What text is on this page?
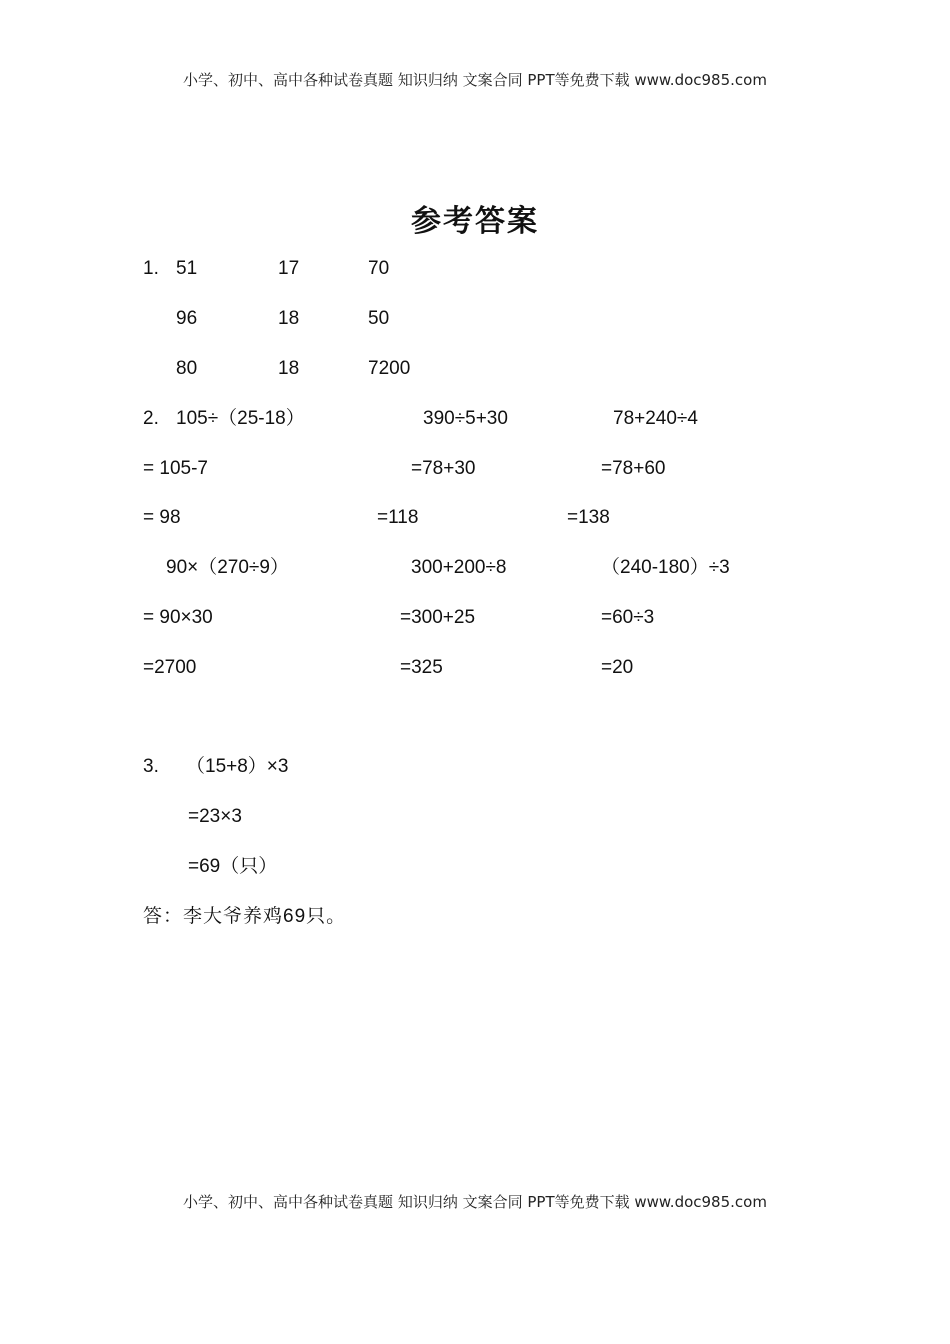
小学、初中、高中各种试卷真题 知识归纳 文案合同 PPT等免费下载 www.doc985.com
参考答案
1. 51	17	70
96	18	50
80	18	7200
2. 105÷（25-18）	390÷5+30	78+240÷4
= 105-7	=78+30	=78+60
= 98	=118	=138
90×（270÷9）	300+200÷8	（240-180）÷3
= 90×30	=300+25	=60÷3
=2700	=325	=20
3. （15+8）×3
=23×3
=69（只）
答：李大爷养鸡69只。
小学、初中、高中各种试卷真题 知识归纳 文案合同 PPT等免费下载 www.doc985.com
